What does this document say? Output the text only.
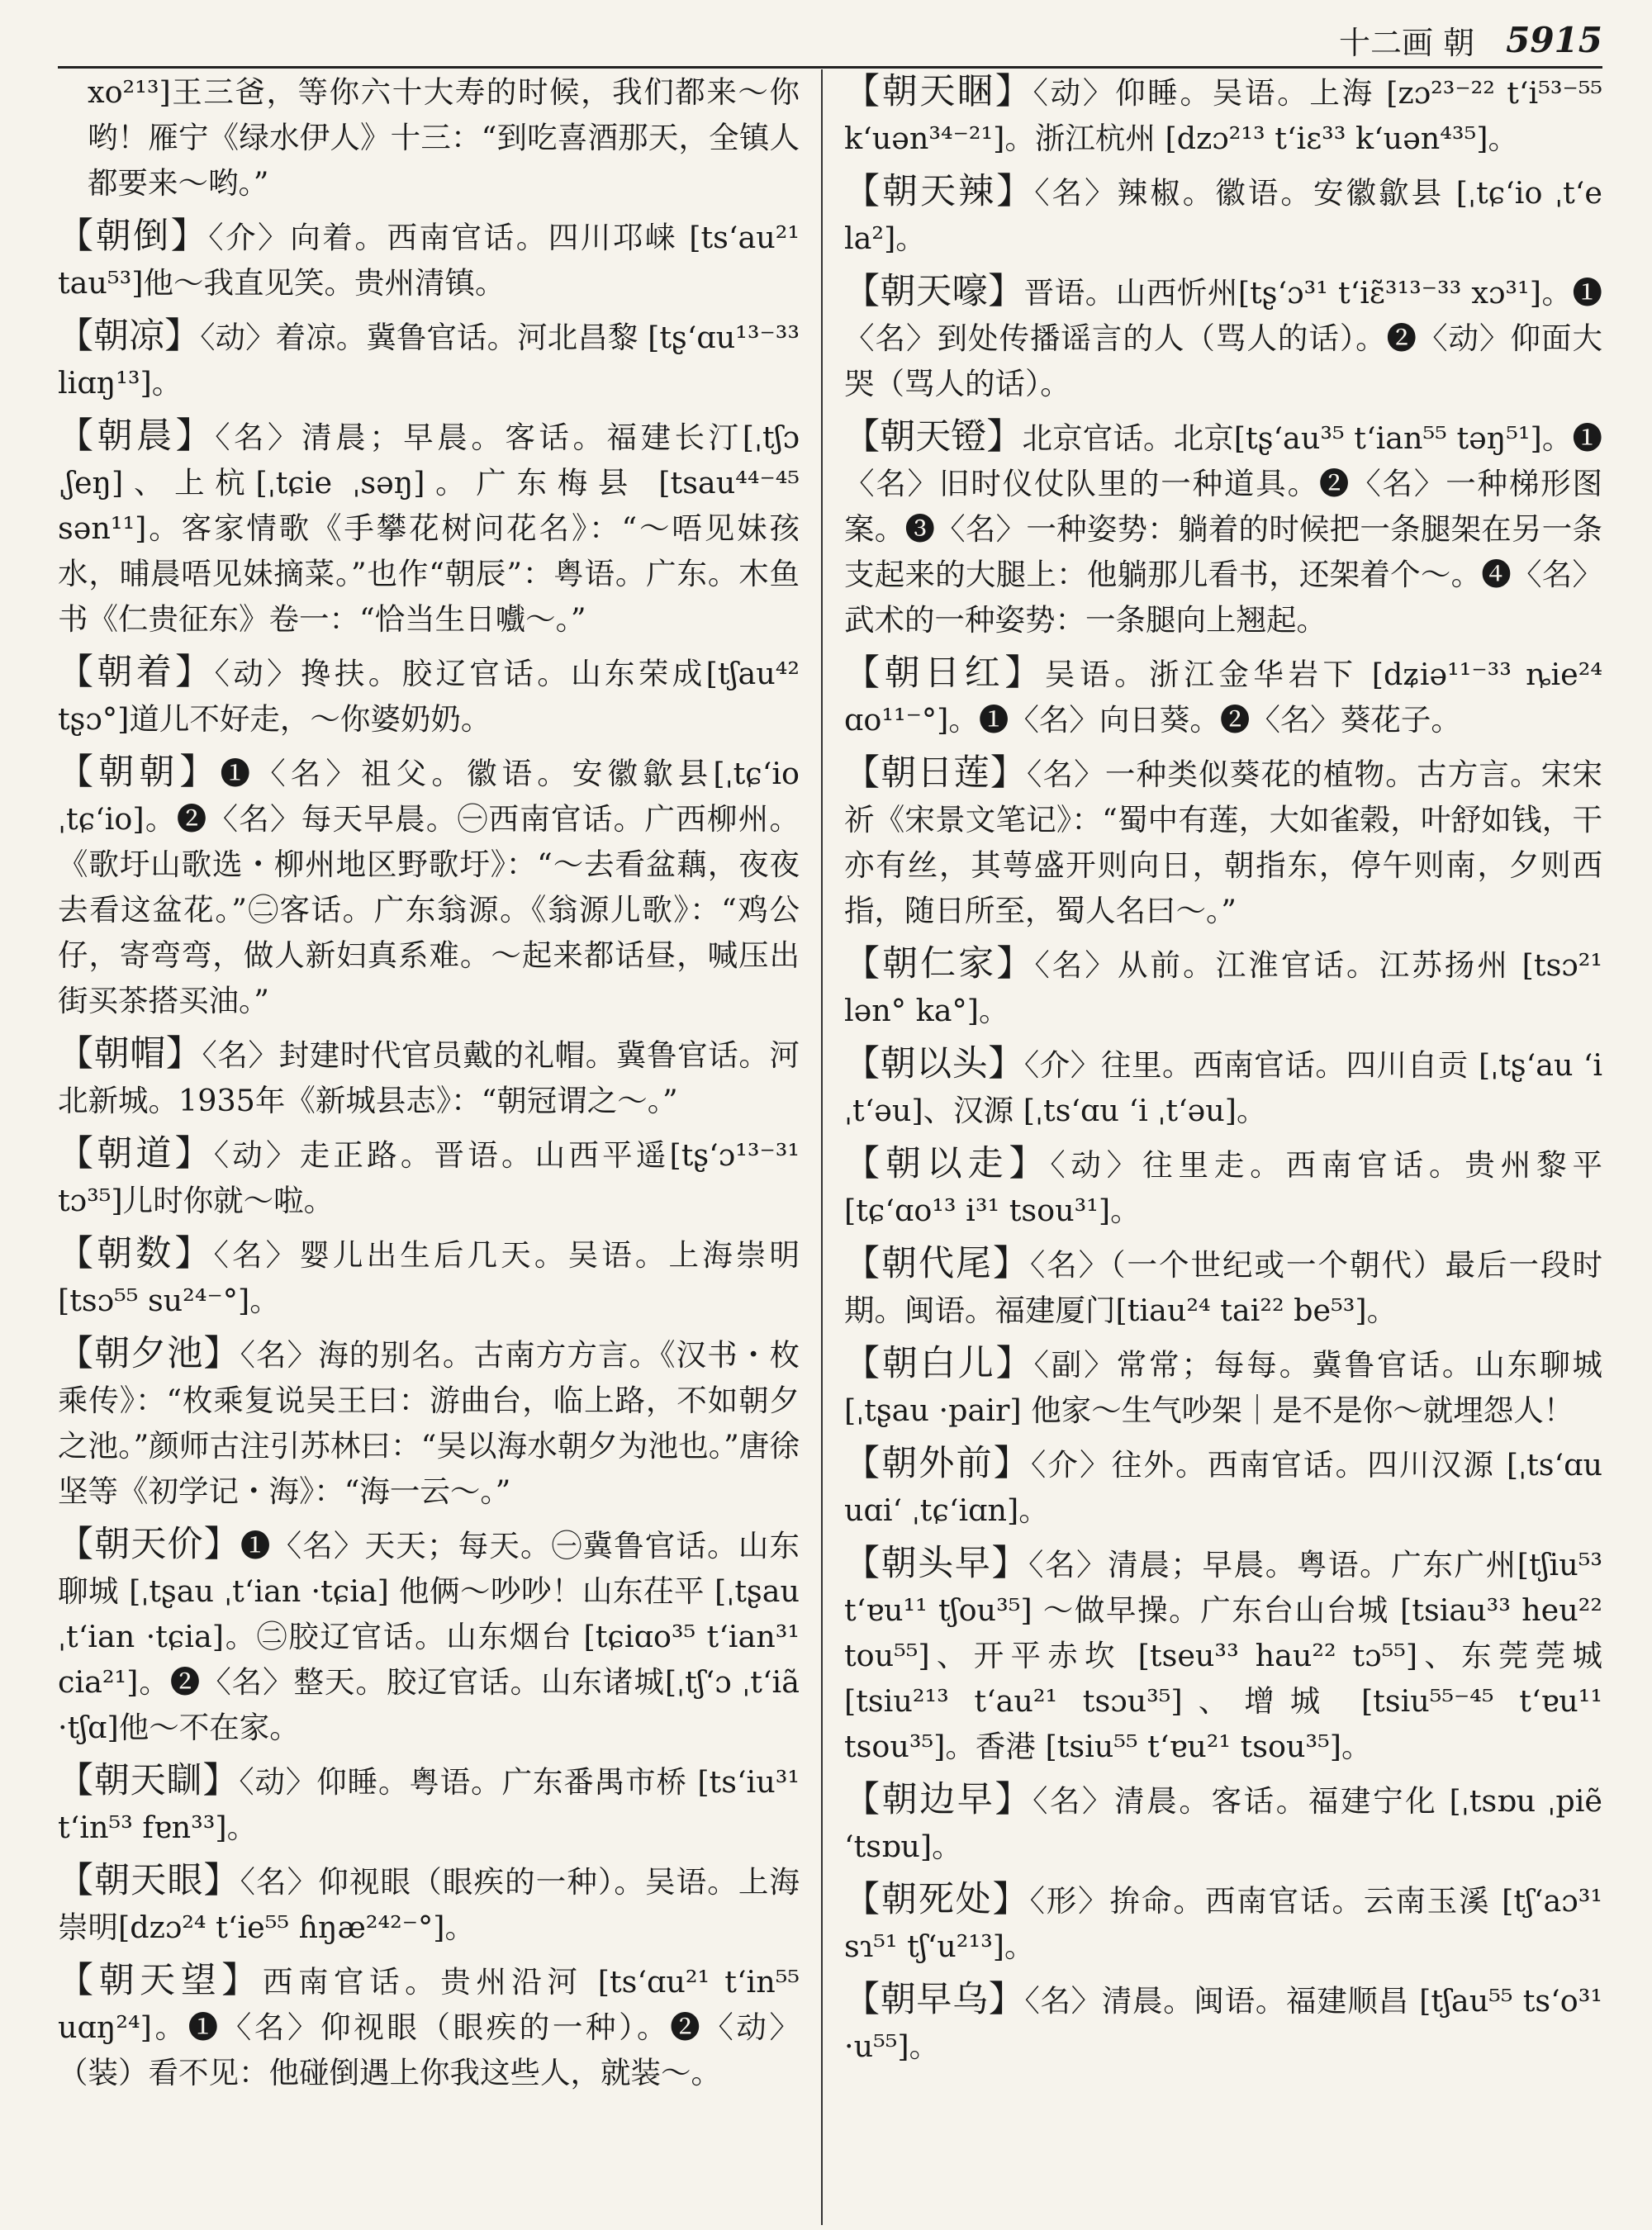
十二画 朝 5915

xo²¹³]王三爸，等你六十大寿的时候，我们都来～你哟！雁宁《绿水伊人》十三：“到吃喜酒那天，全镇人都要来～哟。”

【朝倒】〈介〉向着。西南官话。四川邛崃 [ts‘au²¹ tau⁵³]他～我直见笑。贵州清镇。

【朝凉】〈动〉着凉。冀鲁官话。河北昌黎 [tʂ‘ɑu¹³⁻³³ liɑŋ¹³]。

【朝晨】〈名〉清晨；早晨。客话。福建长汀[ˌtʃɔ ˌʃeŋ]、上杭[ˌtɕie ˌsəŋ]。广东梅县 [tsau⁴⁴⁻⁴⁵ sən¹¹]。客家情歌《手攀花树问花名》：“～唔见妹孩水，晡晨唔见妹摘菜。”也作“朝辰”：粤语。广东。木鱼书《仁贵征东》卷一：“恰当生日嚱～。”

【朝着】〈动〉搀扶。胶辽官话。山东荣成[tʃau⁴² tʂɔ°]道儿不好走，～你婆奶奶。

【朝朝】❶〈名〉祖父。徽语。安徽歙县[ˌtɕ‘io ˌtɕ‘io]。❷〈名〉每天早晨。㊀西南官话。广西柳州。《歌圩山歌选・柳州地区野歌圩》：“～去看盆藕，夜夜去看这盆花。”㊁客话。广东翁源。《翁源儿歌》：“鸡公仔，寄弯弯，做人新妇真系难。～起来都话昼，喊压出街买茶搭买油。”

【朝帽】〈名〉封建时代官员戴的礼帽。冀鲁官话。河北新城。1935年《新城县志》：“朝冠谓之～。”

【朝道】〈动〉走正路。晋语。山西平遥[tʂ‘ɔ¹³⁻³¹ tɔ³⁵]儿时你就～啦。

【朝数】〈名〉婴儿出生后几天。吴语。上海崇明 [tsɔ⁵⁵ su²⁴⁻°]。

【朝夕池】〈名〉海的别名。古南方方言。《汉书・枚乘传》：“枚乘复说吴王曰：游曲台，临上路，不如朝夕之池。”颜师古注引苏林曰：“吴以海水朝夕为池也。”唐徐坚等《初学记・海》：“海一云～。”

【朝天价】❶〈名〉天天；每天。㊀冀鲁官话。山东聊城 [ˌtʂau ˌt‘ian ·tɕia] 他俩～吵吵！山东茌平 [ˌtʂau ˌt‘ian ·tɕia]。㊁胶辽官话。山东烟台 [tɕiɑo³⁵ t‘ian³¹ cia²¹]。❷〈名〉整天。胶辽官话。山东诸城[ˌtʃ‘ɔ ˌt‘iã ·tʃɑ]他～不在家。

【朝天瞓】〈动〉仰睡。粤语。广东番禺市桥 [ts‘iu³¹ t‘in⁵³ fɐn³³]。

【朝天眼】〈名〉仰视眼（眼疾的一种）。吴语。上海崇明[dzɔ²⁴ t‘ie⁵⁵ ɦŋæ²⁴²⁻°]。

【朝天望】西南官话。贵州沿河 [ts‘ɑu²¹ t‘in⁵⁵ uɑŋ²⁴]。❶〈名〉仰视眼（眼疾的一种）。❷〈动〉（装）看不见：他碰倒遇上你我这些人，就装～。

【朝天睏】〈动〉仰睡。吴语。上海 [zɔ²³⁻²² t‘i⁵³⁻⁵⁵ k‘uən³⁴⁻²¹]。浙江杭州 [dzɔ²¹³ t‘iɛ³³ k‘uən⁴³⁵]。

【朝天辣】〈名〉辣椒。徽语。安徽歙县 [ˌtɕ‘io ˌt‘e la²]。

【朝天嚎】晋语。山西忻州[tʂ‘ɔ³¹ t‘iɛ̃³¹³⁻³³ xɔ³¹]。❶〈名〉到处传播谣言的人（骂人的话）。❷〈动〉仰面大哭（骂人的话）。

【朝天镫】北京官话。北京[tʂ‘au³⁵ t‘ian⁵⁵ təŋ⁵¹]。❶〈名〉旧时仪仗队里的一种道具。❷〈名〉一种梯形图案。❸〈名〉一种姿势：躺着的时候把一条腿架在另一条支起来的大腿上：他躺那儿看书，还架着个～。❹〈名〉武术的一种姿势：一条腿向上翘起。

【朝日红】吴语。浙江金华岩下 [dʑiə¹¹⁻³³ ȵie²⁴ ɑo¹¹⁻°]。❶〈名〉向日葵。❷〈名〉葵花子。

【朝日莲】〈名〉一种类似葵花的植物。古方言。宋宋祈《宋景文笔记》：“蜀中有莲，大如雀榖，叶舒如钱，干亦有丝，其萼盛开则向日，朝指东，停午则南，夕则西指，随日所至，蜀人名曰～。”

【朝仁家】〈名〉从前。江淮官话。江苏扬州 [tsɔ²¹ lən° ka°]。

【朝以头】〈介〉往里。西南官话。四川自贡 [ˌtʂ‘au ‘i ˌt‘əu]、汉源 [ˌts‘ɑu ‘i ˌt‘əu]。

【朝以走】〈动〉往里走。西南官话。贵州黎平 [tɕ‘ɑo¹³ i³¹ tsou³¹]。

【朝代尾】〈名〉（一个世纪或一个朝代）最后一段时期。闽语。福建厦门[tiau²⁴ tai²² be⁵³]。

【朝白儿】〈副〉常常；每每。冀鲁官话。山东聊城 [ˌtʂau ·pair] 他家～生气吵架｜是不是你～就埋怨人！

【朝外前】〈介〉往外。西南官话。四川汉源 [ˌts‘ɑu uɑi‘ ˌtɕ‘iɑn]。

【朝头早】〈名〉清晨；早晨。粤语。广东广州[tʃiu⁵³ t‘ɐu¹¹ tʃou³⁵] ～做早操。广东台山台城 [tsiau³³ heu²² tou⁵⁵]、开平赤坎 [tseu³³ hau²² tɔ⁵⁵]、东莞莞城 [tsiu²¹³ t‘au²¹ tsɔu³⁵]、增城 [tsiu⁵⁵⁻⁴⁵ t‘ɐu¹¹ tsou³⁵]。香港 [tsiu⁵⁵ t‘ɐu²¹ tsou³⁵]。

【朝边早】〈名〉清晨。客话。福建宁化 [ˌtsɒu ˌpiẽ ‘tsɒu]。

【朝死处】〈形〉拚命。西南官话。云南玉溪 [tʃ‘aɔ³¹ sɿ⁵¹ tʃ‘u²¹³]。

【朝早乌】〈名〉清晨。闽语。福建顺昌 [tʃau⁵⁵ ts‘o³¹ ·u⁵⁵]。
